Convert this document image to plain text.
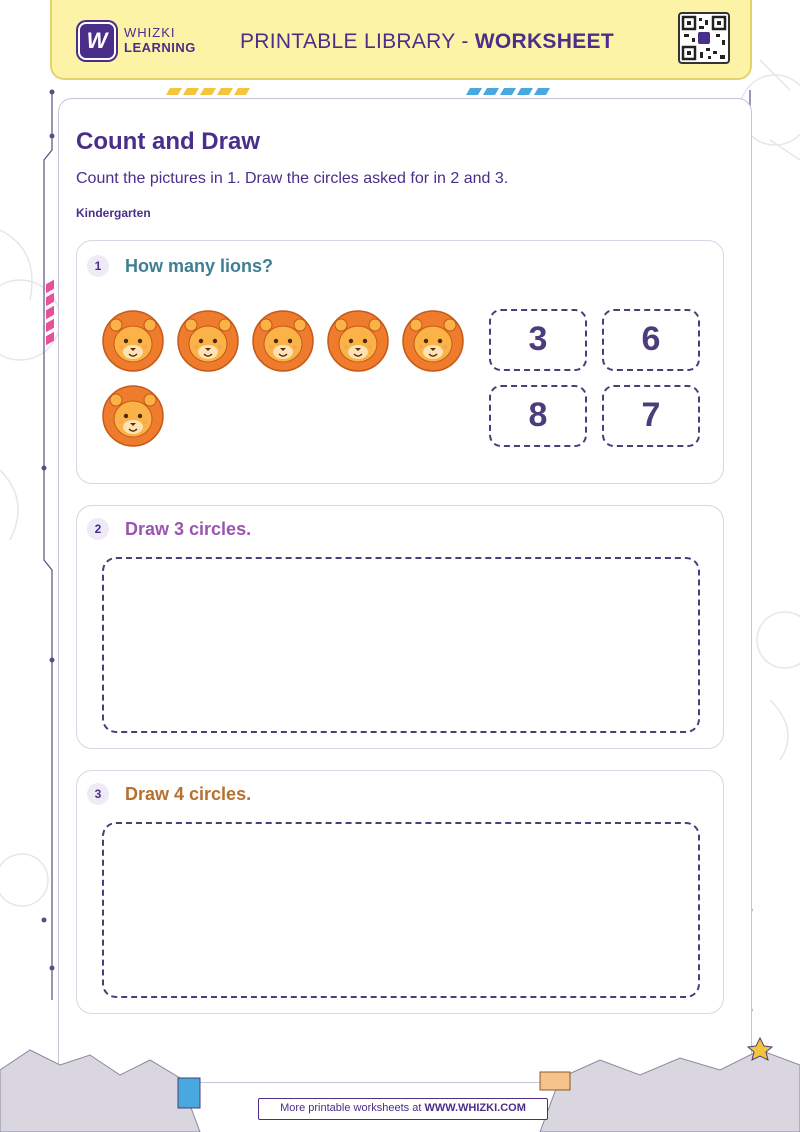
W	WHIZKI
LEARNING PRINTABLE LIBRARY - WORKSHEET
Count and Draw
Count the pictures in 1. Draw the circles asked for in 2 and 3.
Kindergarten
1	How many lions?
3	6
8	7
2	Draw 3 circles.
3	Draw 4 circles.
More printable worksheets at WWW.WHIZKI.COM
